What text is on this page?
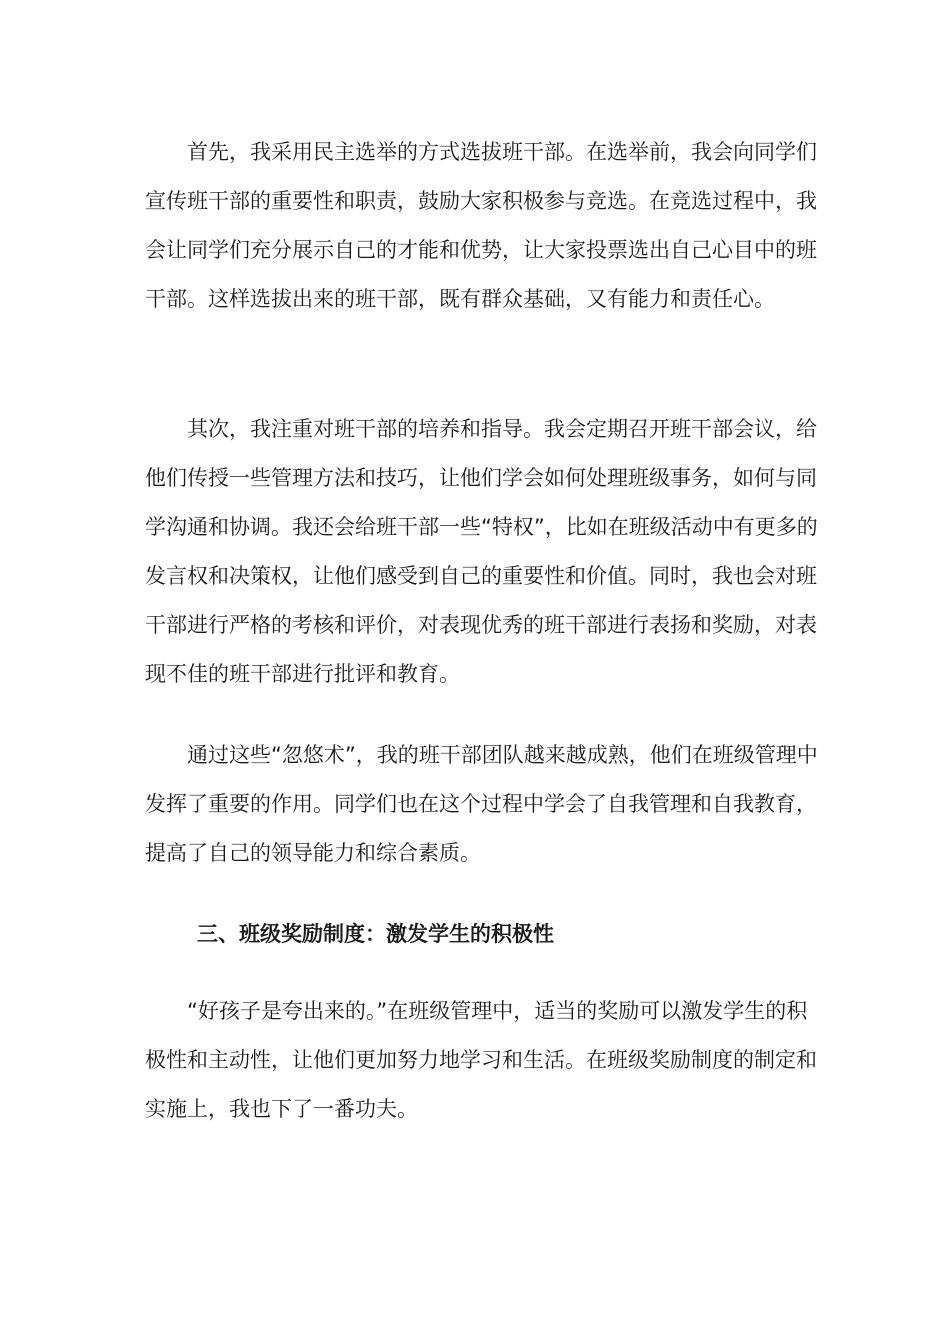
首先，我采用民主选举的方式选拔班干部。在选举前，我会向同学们宣传班干部的重要性和职责，鼓励大家积极参与竞选。在竞选过程中，我会让同学们充分展示自己的才能和优势，让大家投票选出自己心目中的班干部。这样选拔出来的班干部，既有群众基础，又有能力和责任心。

其次，我注重对班干部的培养和指导。我会定期召开班干部会议，给他们传授一些管理方法和技巧，让他们学会如何处理班级事务，如何与同学沟通和协调。我还会给班干部一些“特权”，比如在班级活动中有更多的发言权和决策权，让他们感受到自己的重要性和价值。同时，我也会对班干部进行严格的考核和评价，对表现优秀的班干部进行表扬和奖励，对表现不佳的班干部进行批评和教育。

通过这些“忽悠术”，我的班干部团队越来越成熟，他们在班级管理中发挥了重要的作用。同学们也在这个过程中学会了自我管理和自我教育，提高了自己的领导能力和综合素质。

三、班级奖励制度：激发学生的积极性

“好孩子是夸出来的。”在班级管理中，适当的奖励可以激发学生的积极性和主动性，让他们更加努力地学习和生活。在班级奖励制度的制定和实施上，我也下了一番功夫。
